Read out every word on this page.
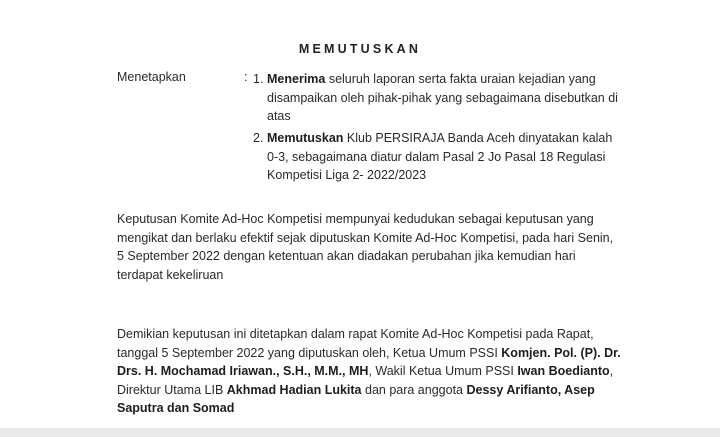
MEMUTUSKAN
Menetapkan	: 1. Menerima seluruh laporan serta fakta uraian kejadian yang
disampaikan oleh pihak-pihak yang sebagaimana disebutkan di
atas
2. Memutuskan Klub PERSIRAJA Banda Aceh dinyatakan kalah
0-3, sebagaimana diatur dalam Pasal 2 Jo Pasal 18 Regulasi
Kompetisi Liga 2- 2022/2023
Keputusan Komite Ad-Hoc Kompetisi mempunyai kedudukan sebagai keputusan yang
mengikat dan berlaku efektif sejak diputuskan Komite Ad-Hoc Kompetisi, pada hari Senin,
5 September 2022 dengan ketentuan akan diadakan perubahan jika kemudian hari
terdapat kekeliruan
Demikian keputusan ini ditetapkan dalam rapat Komite Ad-Hoc Kompetisi pada Rapat,
tanggal 5 September 2022 yang diputuskan oleh, Ketua Umum PSSI Komjen. Pol. (P). Dr.
Drs. H. Mochamad Iriawan., S.H., M.M., MH, Wakil Ketua Umum PSSI Iwan Boedianto,
Direktur Utama LIB Akhmad Hadian Lukita dan para anggota Dessy Arifianto, Asep
Saputra dan Somad
